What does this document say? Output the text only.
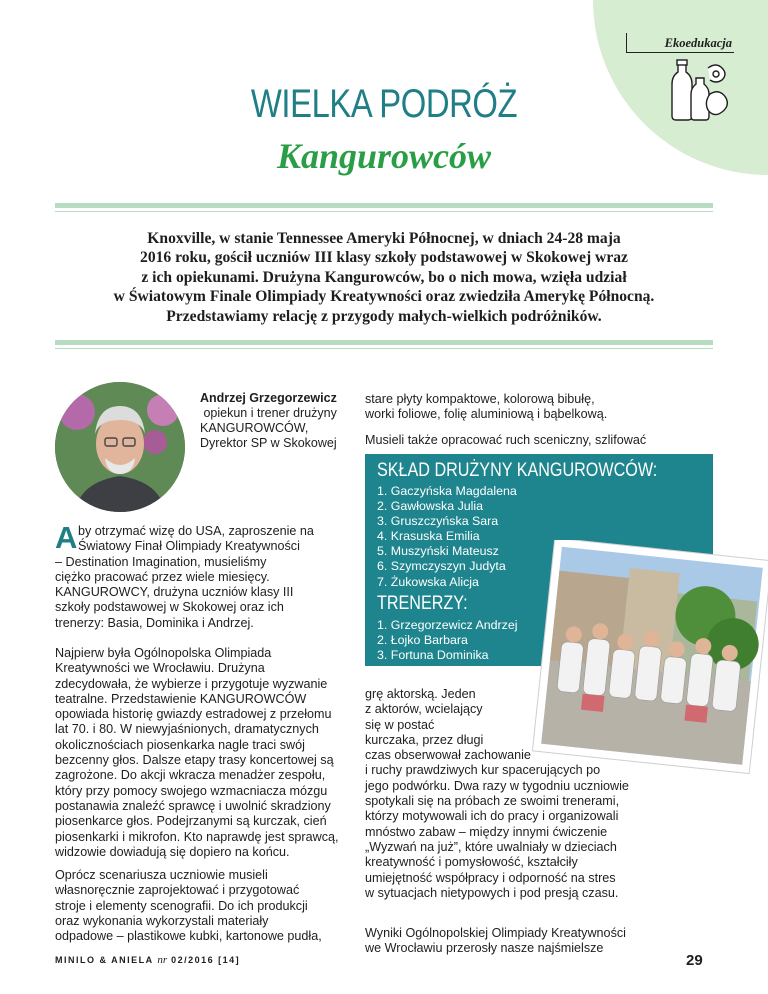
Ekoedukacja
WIELKA PODRÓŻ
Kangurowców

Knoxville, w stanie Tennessee Ameryki Północnej, w dniach 24-28 maja

2016 roku, gościł uczniów III klasy szkoły podstawowej w Skokowej wraz

z ich opiekunami. Drużyna Kangurowców, bo o nich mowa, wzięła udział

w Światowym Finale Olimpiady Kreatywności oraz zwiedziła Amerykę Północną.

Przedstawiamy relację z przygody małych-wielkich podróżników.

Andrzej Grzegorzewicz
opiekun i trener drużyny
KANGUROWCÓW,
Dyrektor SP w Skokowej
A by otrzymać wizę do USA, zaproszenie na

Światowy Finał Olimpiady Kreatywności

– Destination Imagination, musieliśmy

ciężko pracować przez wiele miesięcy.

KANGUROWCY, drużyna uczniów klasy III

szkoły podstawowej w Skokowej oraz ich

trenerzy: Basia, Dominika i Andrzej.

Najpierw była Ogólnopolska Olimpiada

Kreatywności we Wrocławiu. Drużyna

zdecydowała, że wybierze i przygotuje wyzwanie

teatralne. Przedstawienie KANGUROWCÓW

opowiada historię gwiazdy estradowej z przełomu

lat 70. i 80. W niewyjaśnionych, dramatycznych

okolicznościach piosenkarka nagle traci swój

bezcenny głos. Dalsze etapy trasy koncertowej są

zagrożone. Do akcji wkracza menadżer zespołu,

który przy pomocy swojego wzmacniacza mózgu

postanawia znaleźć sprawcę i uwolnić skradziony

piosenkarce głos. Podejrzanymi są kurczak, cień

piosenkarki i mikrofon. Kto naprawdę jest sprawcą,

widzowie dowiadują się dopiero na końcu.

Oprócz scenariusza uczniowie musieli

własnoręcznie zaprojektować i przygotować

stroje i elementy scenografii. Do ich produkcji

oraz wykonania wykorzystali materiały

odpadowe – plastikowe kubki, kartonowe pudła,

stare płyty kompaktowe, kolorową bibułę,

worki foliowe, folię aluminiową i bąbelkową.

Musieli także opracować ruch sceniczny, szlifować

SKŁAD DRUŻYNY KANGUROWCÓW:
1. Gaczyńska Magdalena
2. Gawłowska Julia
3. Gruszczyńska Sara
4. Krasuska Emilia
5. Muszyński Mateusz
6. Szymczyszyn Judyta
7. Żukowska Alicja
TRENERZY:
1. Grzegorzewicz Andrzej
2. Łojko Barbara
3. Fortuna Dominika

grę aktorską. Jeden

z aktorów, wcielający

się w postać

kurczaka, przez długi

czas obserwował zachowanie

i ruchy prawdziwych kur spacerujących po

jego podwórku. Dwa razy w tygodniu uczniowie

spotykali się na próbach ze swoimi trenerami,

którzy motywowali ich do pracy i organizowali

mnóstwo zabaw – między innymi ćwiczenie

„Wyzwań na już”, które uwalniały w dzieciach

kreatywność i pomysłowość, kształciły

umiejętność współpracy i odporność na stres

w sytuacjach nietypowych i pod presją czasu.

Wyniki Ogólnopolskiej Olimpiady Kreatywności

we Wrocławiu przerosły nasze najśmielsze

MINILO & ANIELA nr 02/2016 [14]	29
